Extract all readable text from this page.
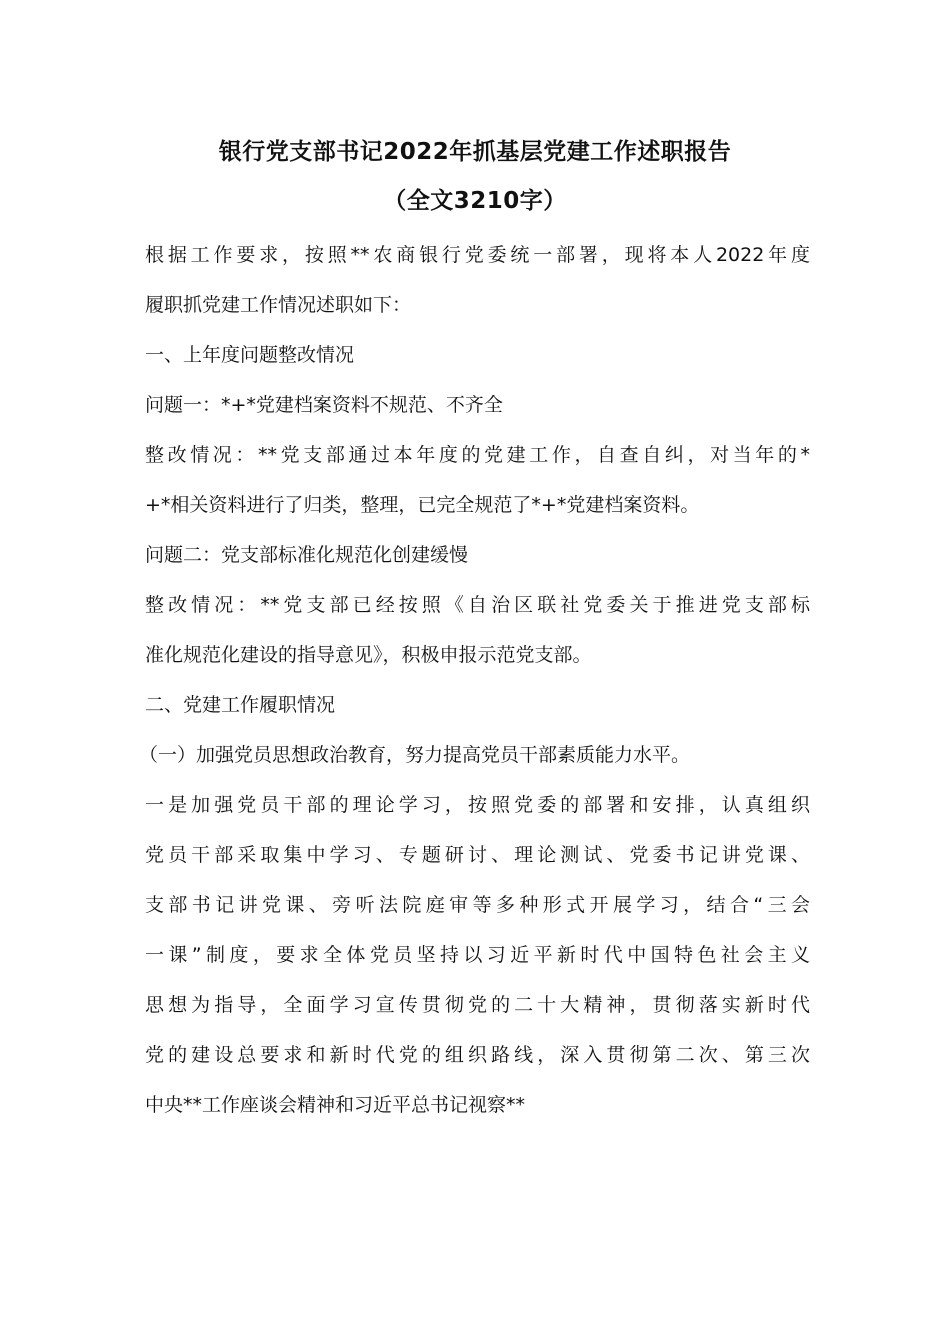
银行党支部书记2022年抓基层党建工作述职报告
（全文3210字）
根据工作要求，按照**农商银行党委统一部署，现将本人2022年度
履职抓党建工作情况述职如下：
一、上年度问题整改情况
问题一：*+*党建档案资料不规范、不齐全
整改情况：**党支部通过本年度的党建工作，自查自纠，对当年的*
+*相关资料进行了归类，整理，已完全规范了*+*党建档案资料。
问题二：党支部标准化规范化创建缓慢
整改情况：**党支部已经按照《自治区联社党委关于推进党支部标
准化规范化建设的指导意见》，积极申报示范党支部。
二、党建工作履职情况
（一）加强党员思想政治教育，努力提高党员干部素质能力水平。
一是加强党员干部的理论学习，按照党委的部署和安排，认真组织
党员干部采取集中学习、专题研讨、理论测试、党委书记讲党课、
支部书记讲党课、旁听法院庭审等多种形式开展学习，结合“三会
一课”制度，要求全体党员坚持以习近平新时代中国特色社会主义
思想为指导，全面学习宣传贯彻党的二十大精神，贯彻落实新时代
党的建设总要求和新时代党的组织路线，深入贯彻第二次、第三次
中央**工作座谈会精神和习近平总书记视察**
